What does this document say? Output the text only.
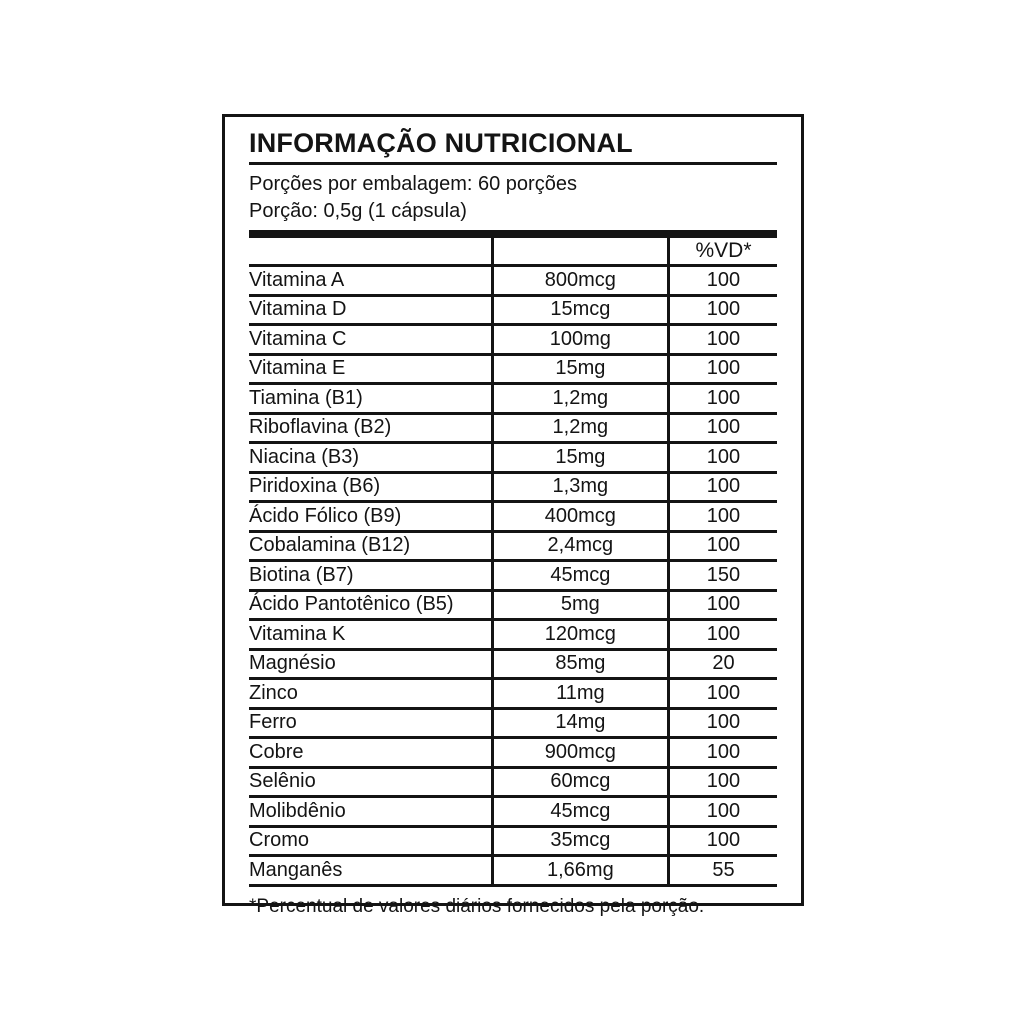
INFORMAÇÃO NUTRICIONAL
Porções por embalagem: 60 porções
Porção: 0,5g (1 cápsula)
		%VD*
Vitamina A	800mcg	100
Vitamina D	15mcg	100
Vitamina C	100mg	100
Vitamina E	15mg	100
Tiamina (B1)	1,2mg	100
Riboflavina (B2)	1,2mg	100
Niacina (B3)	15mg	100
Piridoxina (B6)	1,3mg	100
Ácido Fólico (B9)	400mcg	100
Cobalamina (B12)	2,4mcg	100
Biotina (B7)	45mcg	150
Ácido Pantotênico (B5)	5mg	100
Vitamina K	120mcg	100
Magnésio	85mg	20
Zinco	11mg	100
Ferro	14mg	100
Cobre	900mcg	100
Selênio	60mcg	100
Molibdênio	45mcg	100
Cromo	35mcg	100
Manganês	1,66mg	55
*Percentual de valores diários fornecidos pela porção.
